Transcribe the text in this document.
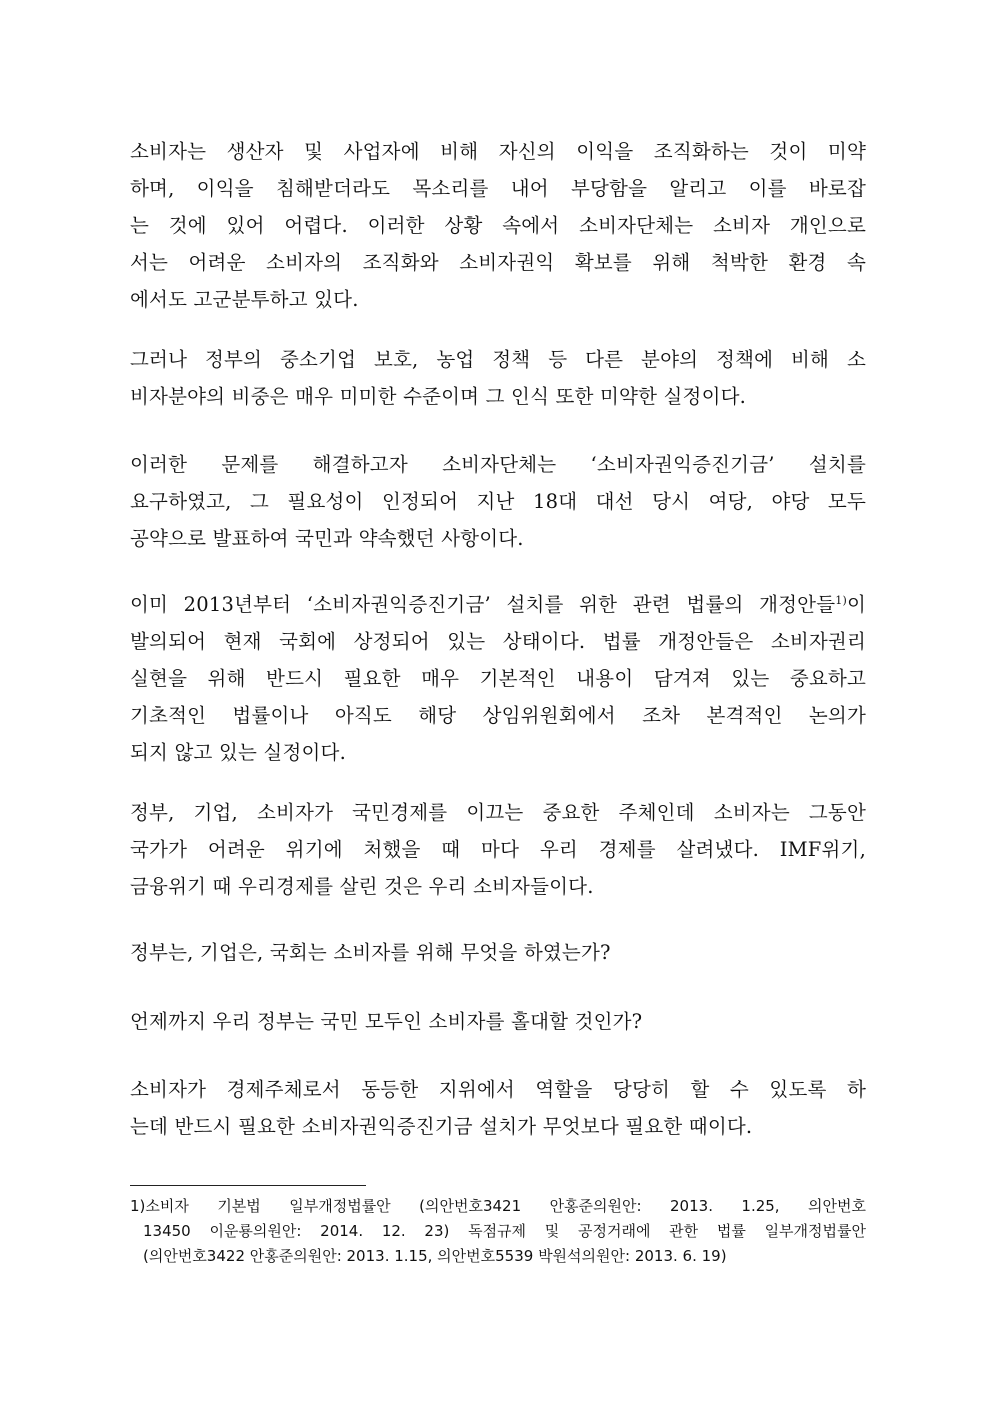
소비자는 생산자 및 사업자에 비해 자신의 이익을 조직화하는 것이 미약
하며, 이익을 침해받더라도 목소리를 내어 부당함을 알리고 이를 바로잡
는 것에 있어 어렵다. 이러한 상황 속에서 소비자단체는 소비자 개인으로
서는 어려운 소비자의 조직화와 소비자권익 확보를 위해 척박한 환경 속
에서도 고군분투하고 있다.

그러나 정부의 중소기업 보호, 농업 정책 등 다른 분야의 정책에 비해 소
비자분야의 비중은 매우 미미한 수준이며 그 인식 또한 미약한 실정이다.

이러한 문제를 해결하고자 소비자단체는 ‘소비자권익증진기금’ 설치를
요구하였고, 그 필요성이 인정되어 지난 18대 대선 당시 여당, 야당 모두
공약으로 발표하여 국민과 약속했던 사항이다.

이미 2013년부터 ‘소비자권익증진기금’ 설치를 위한 관련 법률의 개정안들$^{1)}$이
발의되어 현재 국회에 상정되어 있는 상태이다. 법률 개정안들은 소비자권리
실현을 위해 반드시 필요한 매우 기본적인 내용이 담겨져 있는 중요하고
기초적인 법률이나 아직도 해당 상임위원회에서 조차 본격적인 논의가
되지 않고 있는 실정이다.

정부, 기업, 소비자가 국민경제를 이끄는 중요한 주체인데 소비자는 그동안
국가가 어려운 위기에 처했을 때 마다 우리 경제를 살려냈다. IMF위기,
금융위기 때 우리경제를 살린 것은 우리 소비자들이다.

정부는, 기업은, 국회는 소비자를 위해 무엇을 하였는가?

언제까지 우리 정부는 국민 모두인 소비자를 홀대할 것인가?

소비자가 경제주체로서 동등한 지위에서 역할을 당당히 할 수 있도록 하
는데 반드시 필요한 소비자권익증진기금 설치가 무엇보다 필요한 때이다.

1)소비자 기본법 일부개정법률안 (의안번호3421 안홍준의원안: 2013. 1.25, 의안번호
13450 이운룡의원안: 2014. 12. 23) 독점규제 및 공정거래에 관한 법률 일부개정법률안
(의안번호3422 안홍준의원안: 2013. 1.15, 의안번호5539 박원석의원안: 2013. 6. 19)
